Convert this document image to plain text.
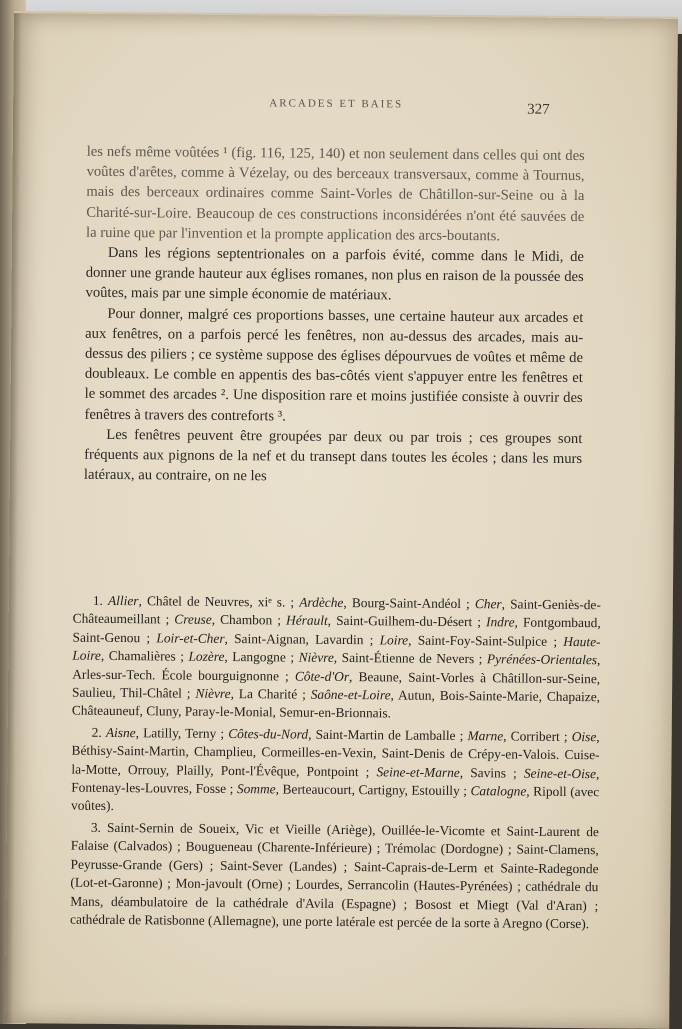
ARCADES ET BAIES	327

les nefs même voûtées ¹ (fig. 116, 125, 140) et non seulement dans celles qui ont des voûtes d'arêtes, comme à Vézelay, ou des berceaux transversaux, comme à Tournus, mais des berceaux ordinaires comme Saint-Vorles de Châtillon-sur-Seine ou à la Charité-sur-Loire. Beaucoup de ces constructions inconsidérées n'ont été sauvées de la ruine que par l'invention et la prompte application des arcs-boutants.

Dans les régions septentrionales on a parfois évité, comme dans le Midi, de donner une grande hauteur aux églises romanes, non plus en raison de la poussée des voûtes, mais par une simple économie de matériaux.

Pour donner, malgré ces proportions basses, une certaine hauteur aux arcades et aux fenêtres, on a parfois percé les fenêtres, non au-dessus des arcades, mais au-dessus des piliers ; ce système suppose des églises dépourvues de voûtes et même de doubleaux. Le comble en appentis des bas-côtés vient s'appuyer entre les fenêtres et le sommet des arcades ². Une disposition rare et moins justifiée consiste à ouvrir des fenêtres à travers des contreforts ³.

Les fenêtres peuvent être groupées par deux ou par trois ; ces groupes sont fréquents aux pignons de la nef et du transept dans toutes les écoles ; dans les murs latéraux, au contraire, on ne les

1. Allier, Châtel de Neuvres, xiᵉ s. ; Ardèche, Bourg-Saint-Andéol ; Cher, Saint-Geniès-de-Châteaumeillant ; Creuse, Chambon ; Hérault, Saint-Guilhem-du-Désert ; Indre, Fontgombaud, Saint-Genou ; Loir-et-Cher, Saint-Aignan, Lavardin ; Loire, Saint-Foy-Saint-Sulpice ; Haute-Loire, Chamalières ; Lozère, Langogne ; Nièvre, Saint-Étienne de Nevers ; Pyrénées-Orientales, Arles-sur-Tech. École bourguignonne ; Côte-d'Or, Beaune, Saint-Vorles à Châtillon-sur-Seine, Saulieu, Thil-Châtel ; Nièvre, La Charité ; Saône-et-Loire, Autun, Bois-Sainte-Marie, Chapaize, Châteauneuf, Cluny, Paray-le-Monial, Semur-en-Brionnais.
2. Aisne, Latilly, Terny ; Côtes-du-Nord, Saint-Martin de Lamballe ; Marne, Corribert ; Oise, Béthisy-Saint-Martin, Champlieu, Cormeilles-en-Vexin, Saint-Denis de Crépy-en-Valois. Cuise-la-Motte, Orrouy, Plailly, Pont-l'Évêque, Pontpoint ; Seine-et-Marne, Savins ; Seine-et-Oise, Fontenay-les-Louvres, Fosse ; Somme, Berteaucourt, Cartigny, Estouilly ; Catalogne, Ripoll (avec voûtes).
3. Saint-Sernin de Soueix, Vic et Vieille (Ariège), Ouillée-le-Vicomte et Saint-Laurent de Falaise (Calvados) ; Bougueneau (Charente-Inférieure) ; Trémolac (Dordogne) ; Saint-Clamens, Peyrusse-Grande (Gers) ; Saint-Sever (Landes) ; Saint-Caprais-de-Lerm et Sainte-Radegonde (Lot-et-Garonne) ; Mon-javoult (Orne) ; Lourdes, Serrancolin (Hautes-Pyrénées) ; cathédrale du Mans, déambulatoire de la cathédrale d'Avila (Espagne) ; Bosost et Miegt (Val d'Aran) ; cathédrale de Ratisbonne (Allemagne), une porte latérale est percée de la sorte à Aregno (Corse).
